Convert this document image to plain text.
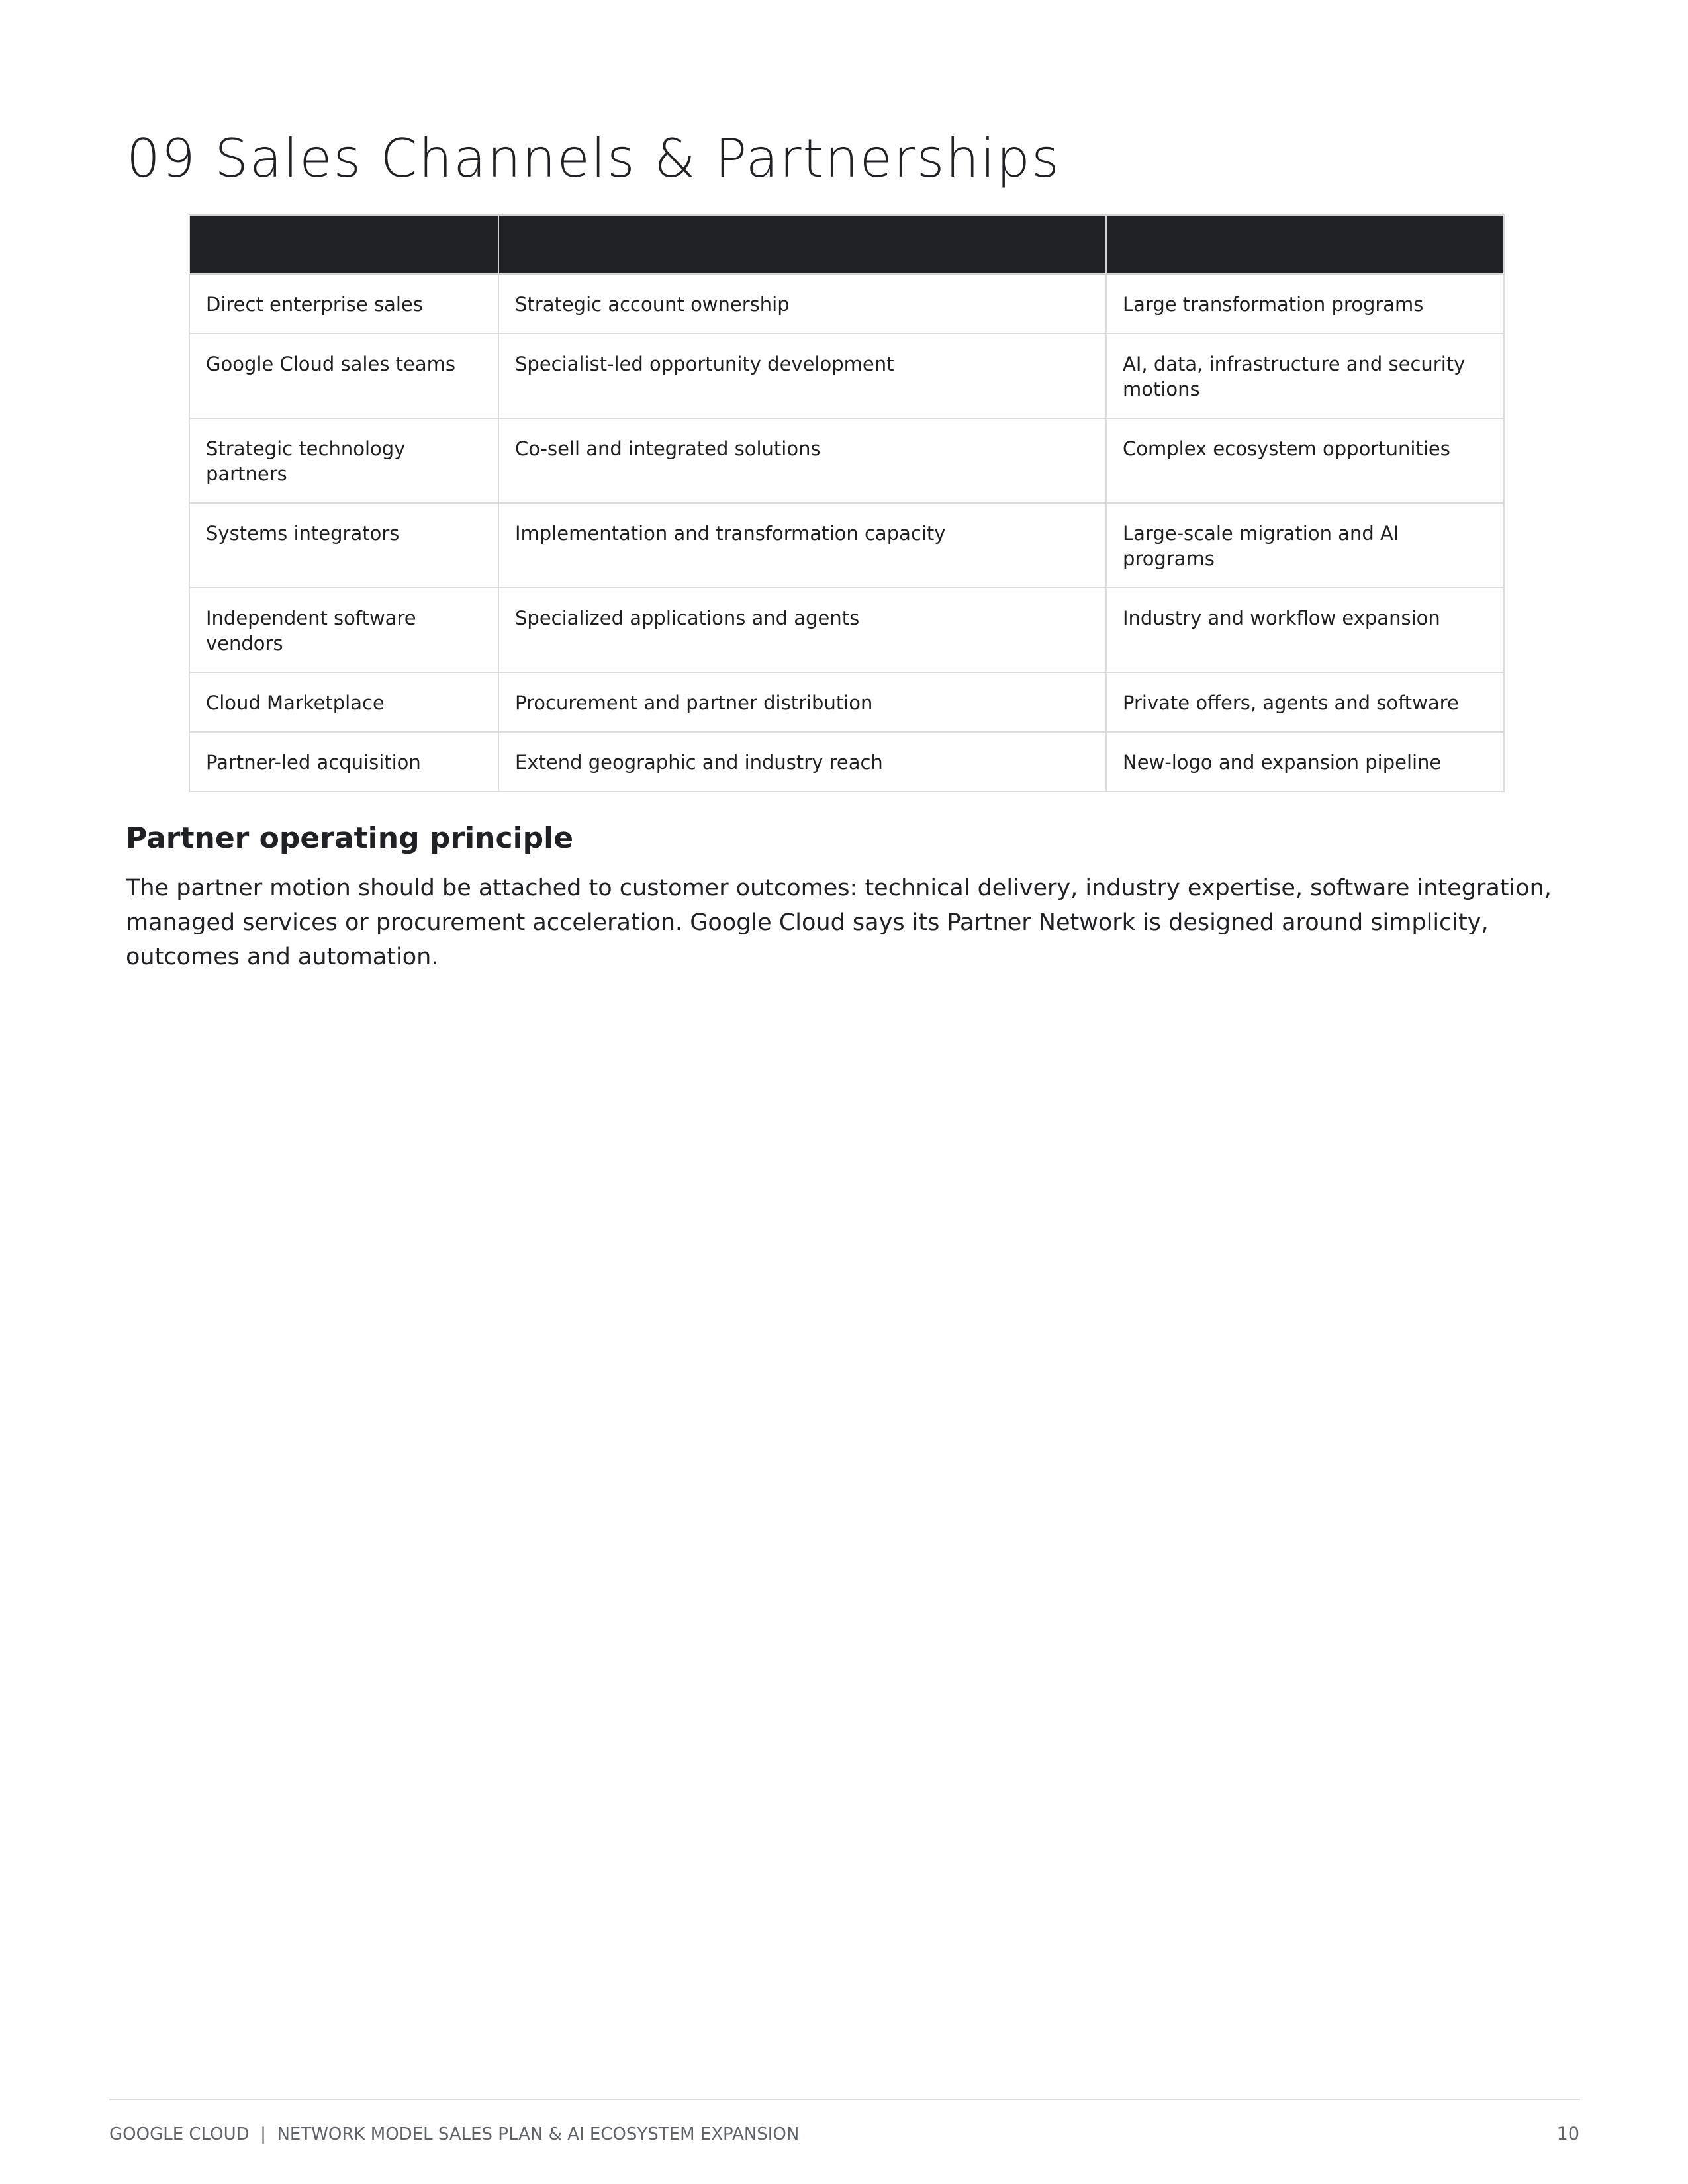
09 Sales Channels & Partnerships

Direct enterprise sales	Strategic account ownership	Large transformation programs
Google Cloud sales teams	Specialist-led opportunity development	AI, data, infrastructure and security motions
Strategic technology partners	Co-sell and integrated solutions	Complex ecosystem opportunities
Systems integrators	Implementation and transformation capacity	Large-scale migration and AI programs
Independent software vendors	Specialized applications and agents	Industry and workflow expansion
Cloud Marketplace	Procurement and partner distribution	Private offers, agents and software
Partner-led acquisition	Extend geographic and industry reach	New-logo and expansion pipeline
Partner operating principle

The partner motion should be attached to customer outcomes: technical delivery, industry expertise, software integration, managed services or procurement acceleration. Google Cloud says its Partner Network is designed around simplicity, outcomes and automation.

GOOGLE CLOUD  |  NETWORK MODEL SALES PLAN & AI ECOSYSTEM EXPANSION	10
